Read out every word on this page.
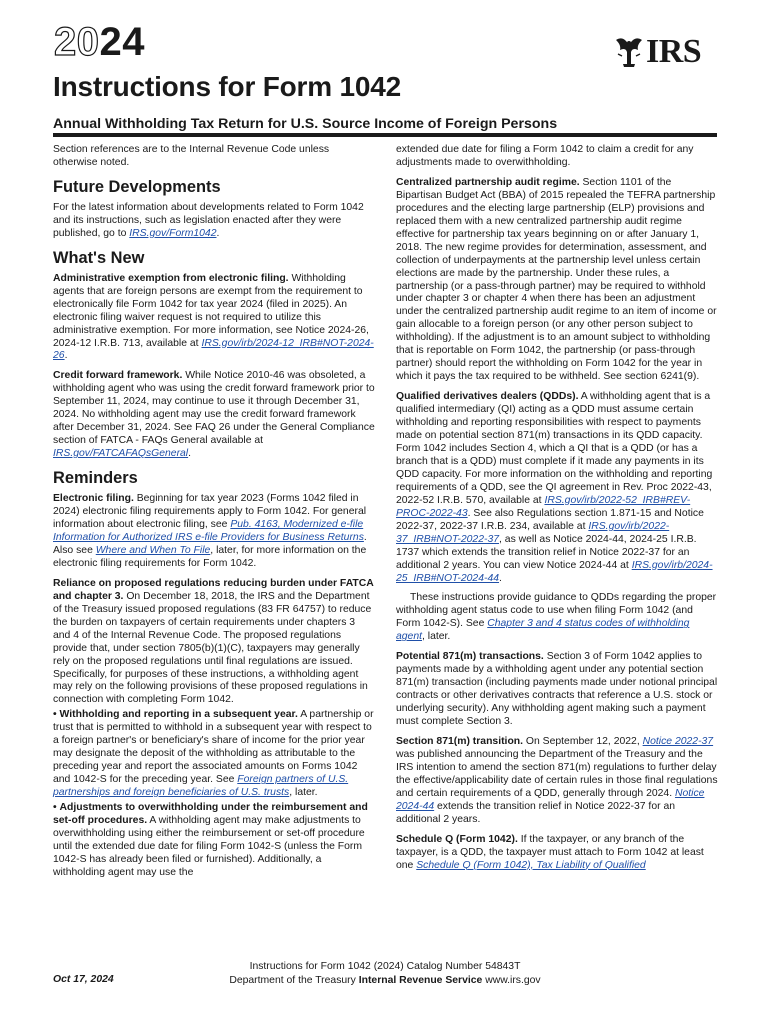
2024	IRS
Instructions for Form 1042
Annual Withholding Tax Return for U.S. Source Income of Foreign Persons

Section references are to the Internal Revenue Code unless otherwise noted.

Future Developments

For the latest information about developments related to Form 1042 and its instructions, such as legislation enacted after they were published, go to IRS.gov/Form1042.

What's New

Administrative exemption from electronic filing. Withholding agents that are foreign persons are exempt from the requirement to electronically file Form 1042 for tax year 2024 (filed in 2025). An electronic filing waiver request is not required to utilize this administrative exemption. For more information, see Notice 2024-26, 2024-12 I.R.B. 713, available at IRS.gov/irb/2024-12_IRB#NOT-2024-26.

Credit forward framework. While Notice 2010-46 was obsoleted, a withholding agent who was using the credit forward framework prior to September 11, 2024, may continue to use it through December 31, 2024. No withholding agent may use the credit forward framework after December 31, 2024. See FAQ 26 under the General Compliance section of FATCA - FAQs General available at IRS.gov/FATCAFAQsGeneral.

Reminders

Electronic filing. Beginning for tax year 2023 (Forms 1042 filed in 2024) electronic filing requirements apply to Form 1042. For general information about electronic filing, see Pub. 4163, Modernized e-file Information for Authorized IRS e-file Providers for Business Returns. Also see Where and When To File, later, for more information on the electronic filing requirements for Form 1042.

Reliance on proposed regulations reducing burden under FATCA and chapter 3. On December 18, 2018, the IRS and the Department of the Treasury issued proposed regulations (83 FR 64757) to reduce the burden on taxpayers of certain requirements under chapters 3 and 4 of the Internal Revenue Code. The proposed regulations provide that, under section 7805(b)(1)(C), taxpayers may generally rely on the proposed regulations until final regulations are issued. Specifically, for purposes of these instructions, a withholding agent may rely on the following provisions of these proposed regulations in connection with completing Form 1042.

• Withholding and reporting in a subsequent year. A partnership or trust that is permitted to withhold in a subsequent year with respect to a foreign partner's or beneficiary's share of income for the prior year may designate the deposit of the withholding as attributable to the preceding year and report the associated amounts on Forms 1042 and 1042-S for the preceding year. See Foreign partners of U.S. partnerships and foreign beneficiaries of U.S. trusts, later.

• Adjustments to overwithholding under the reimbursement and set-off procedures. A withholding agent may make adjustments to overwithholding using either the reimbursement or set-off procedure until the extended due date for filing Form 1042-S (unless the Form 1042-S has already been filed or furnished). Additionally, a withholding agent may use the

extended due date for filing a Form 1042 to claim a credit for any adjustments made to overwithholding.

Centralized partnership audit regime. Section 1101 of the Bipartisan Budget Act (BBA) of 2015 repealed the TEFRA partnership procedures and the electing large partnership (ELP) provisions and replaced them with a new centralized partnership audit regime effective for partnership tax years beginning on or after January 1, 2018. The new regime provides for determination, assessment, and collection of underpayments at the partnership level unless certain elections are made by the partnership. Under these rules, a partnership (or a pass-through partner) may be required to withhold under chapter 3 or chapter 4 when there has been an adjustment under the centralized partnership audit regime to an item of income or gain allocable to a foreign person (or any other person subject to withholding). If the adjustment is to an amount subject to withholding that is reportable on Form 1042, the partnership (or pass-through partner) should report the withholding on Form 1042 for the year in which it pays the tax required to be withheld. See section 6241(9).

Qualified derivatives dealers (QDDs). A withholding agent that is a qualified intermediary (QI) acting as a QDD must assume certain withholding and reporting responsibilities with respect to payments made on potential section 871(m) transactions in its QDD capacity. Form 1042 includes Section 4, which a QI that is a QDD (or has a branch that is a QDD) must complete if it made any payments in its QDD capacity. For more information on the withholding and reporting requirements of a QDD, see the QI agreement in Rev. Proc 2022-43, 2022-52 I.R.B. 570, available at IRS.gov/irb/2022-52_IRB#REV-PROC-2022-43. See also Regulations section 1.871-15 and Notice 2022-37, 2022-37 I.R.B. 234, available at IRS.gov/irb/2022-37_IRB#NOT-2022-37, as well as Notice 2024-44, 2024-25 I.R.B. 1737 which extends the transition relief in Notice 2022-37 for an additional 2 years. You can view Notice 2024-44 at IRS.gov/irb/2024-25_IRB#NOT-2024-44.

These instructions provide guidance to QDDs regarding the proper withholding agent status code to use when filing Form 1042 (and Form 1042-S). See Chapter 3 and 4 status codes of withholding agent, later.

Potential 871(m) transactions. Section 3 of Form 1042 applies to payments made by a withholding agent under any potential section 871(m) transaction (including payments made under notional principal contracts or other derivatives contracts that reference a U.S. stock or underlying security). Any withholding agent making such a payment must complete Section 3.

Section 871(m) transition. On September 12, 2022, Notice 2022-37 was published announcing the Department of the Treasury and the IRS intention to amend the section 871(m) regulations to further delay the effective/applicability date of certain rules in those final regulations and certain requirements of a QDD, generally through 2024. Notice 2024-44 extends the transition relief in Notice 2022-37 for an additional 2 years.

Schedule Q (Form 1042). If the taxpayer, or any branch of the taxpayer, is a QDD, the taxpayer must attach to Form 1042 at least one Schedule Q (Form 1042), Tax Liability of Qualified

Oct 17, 2024
Instructions for Form 1042 (2024) Catalog Number 54843T
Department of the Treasury Internal Revenue Service www.irs.gov
